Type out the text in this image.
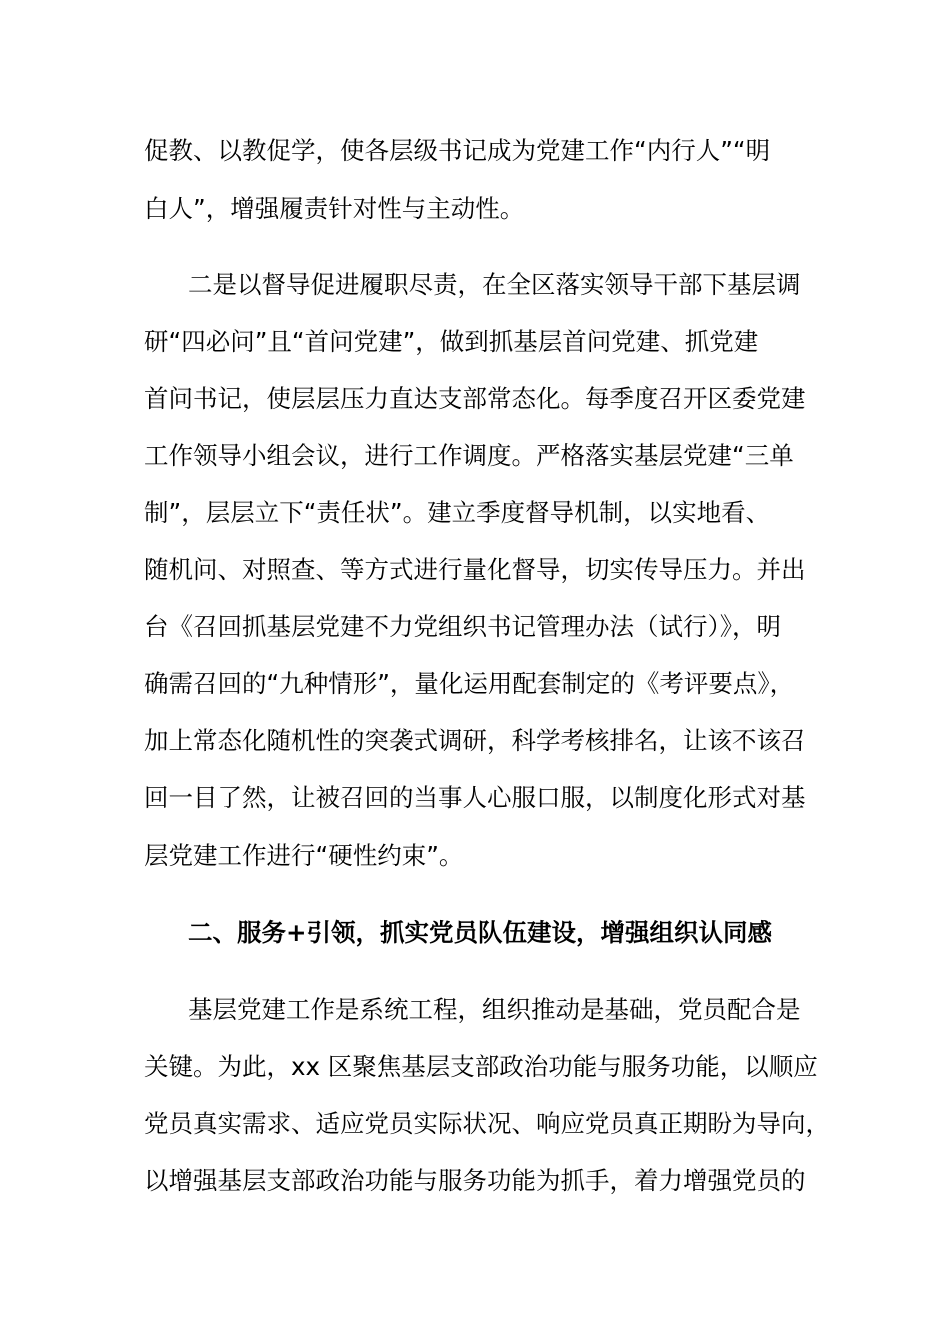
促教、以教促学，使各层级书记成为党建工作“内行人”“明
白人”，增强履责针对性与主动性。
二是以督导促进履职尽责，在全区落实领导干部下基层调
研“四必问”且“首问党建”，做到抓基层首问党建、抓党建
首问书记，使层层压力直达支部常态化。每季度召开区委党建
工作领导小组会议，进行工作调度。严格落实基层党建“三单
制”，层层立下“责任状”。建立季度督导机制，以实地看、
随机问、对照查、等方式进行量化督导，切实传导压力。并出
台《召回抓基层党建不力党组织书记管理办法（试行）》，明
确需召回的“九种情形”，量化运用配套制定的《考评要点》，
加上常态化随机性的突袭式调研，科学考核排名，让该不该召
回一目了然，让被召回的当事人心服口服，以制度化形式对基
层党建工作进行“硬性约束”。
二、服务+引领，抓实党员队伍建设，增强组织认同感
基层党建工作是系统工程，组织推动是基础，党员配合是
关键。为此，xx 区聚焦基层支部政治功能与服务功能，以顺应
党员真实需求、适应党员实际状况、响应党员真正期盼为导向，
以增强基层支部政治功能与服务功能为抓手，着力增强党员的
